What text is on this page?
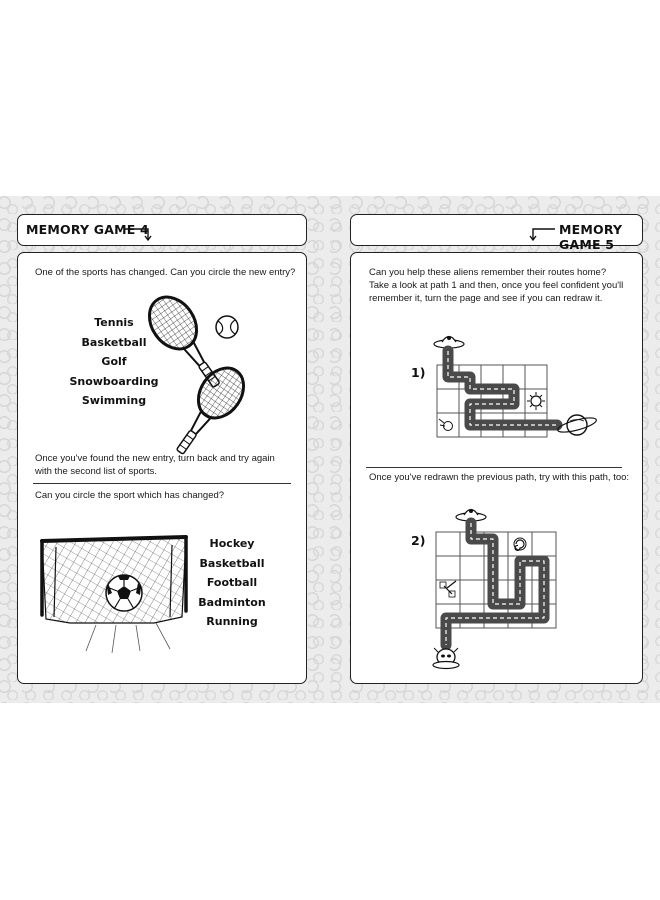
MEMORY GAME 4
One of the sports has changed. Can you circle the new entry?
Tennis
Basketball
Golf
Snowboarding
Swimming
Once you've found the new entry, turn back and try again
with the second list of sports.
Can you circle the sport which has changed?
Hockey
Basketball
Football
Badminton
Running
MEMORY GAME 5
Can you help these aliens remember their routes home?
Take a look at path 1 and then, once you feel confident you'll
remember it, turn the page and see if you can redraw it.
1)
Once you've redrawn the previous path, try with this path, too:
2)
